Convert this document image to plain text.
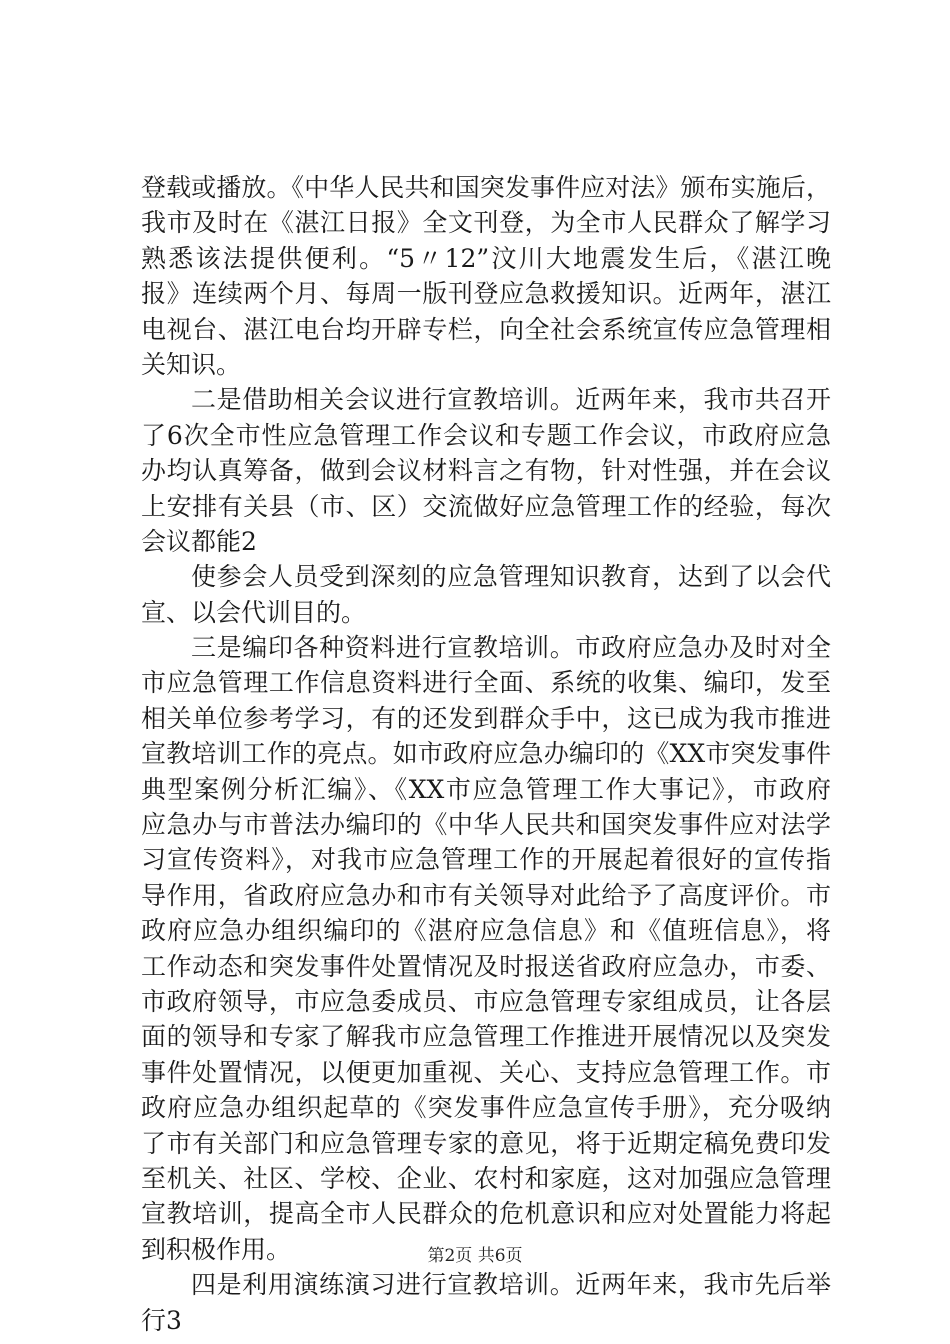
登载或播放。《中华人民共和国突发事件应对法》颁布实施后，
我市及时在《湛江日报》全文刊登，为全市人民群众了解学习
熟悉该法提供便利。“5〃12”汶川大地震发生后，《湛江晚
报》连续两个月、每周一版刊登应急救援知识。近两年，湛江
电视台、湛江电台均开辟专栏，向全社会系统宣传应急管理相
关知识。
二是借助相关会议进行宣教培训。近两年来，我市共召开
了6次全市性应急管理工作会议和专题工作会议，市政府应急
办均认真筹备，做到会议材料言之有物，针对性强，并在会议
上安排有关县（市、区）交流做好应急管理工作的经验，每次
会议都能2
使参会人员受到深刻的应急管理知识教育，达到了以会代
宣、以会代训目的。
三是编印各种资料进行宣教培训。市政府应急办及时对全
市应急管理工作信息资料进行全面、系统的收集、编印，发至
相关单位参考学习，有的还发到群众手中，这已成为我市推进
宣教培训工作的亮点。如市政府应急办编印的《XX市突发事件
典型案例分析汇编》、《XX市应急管理工作大事记》，市政府
应急办与市普法办编印的《中华人民共和国突发事件应对法学
习宣传资料》，对我市应急管理工作的开展起着很好的宣传指
导作用，省政府应急办和市有关领导对此给予了高度评价。市
政府应急办组织编印的《湛府应急信息》和《值班信息》，将
工作动态和突发事件处置情况及时报送省政府应急办，市委、
市政府领导，市应急委成员、市应急管理专家组成员，让各层
面的领导和专家了解我市应急管理工作推进开展情况以及突发
事件处置情况，以便更加重视、关心、支持应急管理工作。市
政府应急办组织起草的《突发事件应急宣传手册》，充分吸纳
了市有关部门和应急管理专家的意见，将于近期定稿免费印发
至机关、社区、学校、企业、农村和家庭，这对加强应急管理
宣教培训，提高全市人民群众的危机意识和应对处置能力将起
到积极作用。
四是利用演练演习进行宣教培训。近两年来，我市先后举
行3
第2页 共6页
